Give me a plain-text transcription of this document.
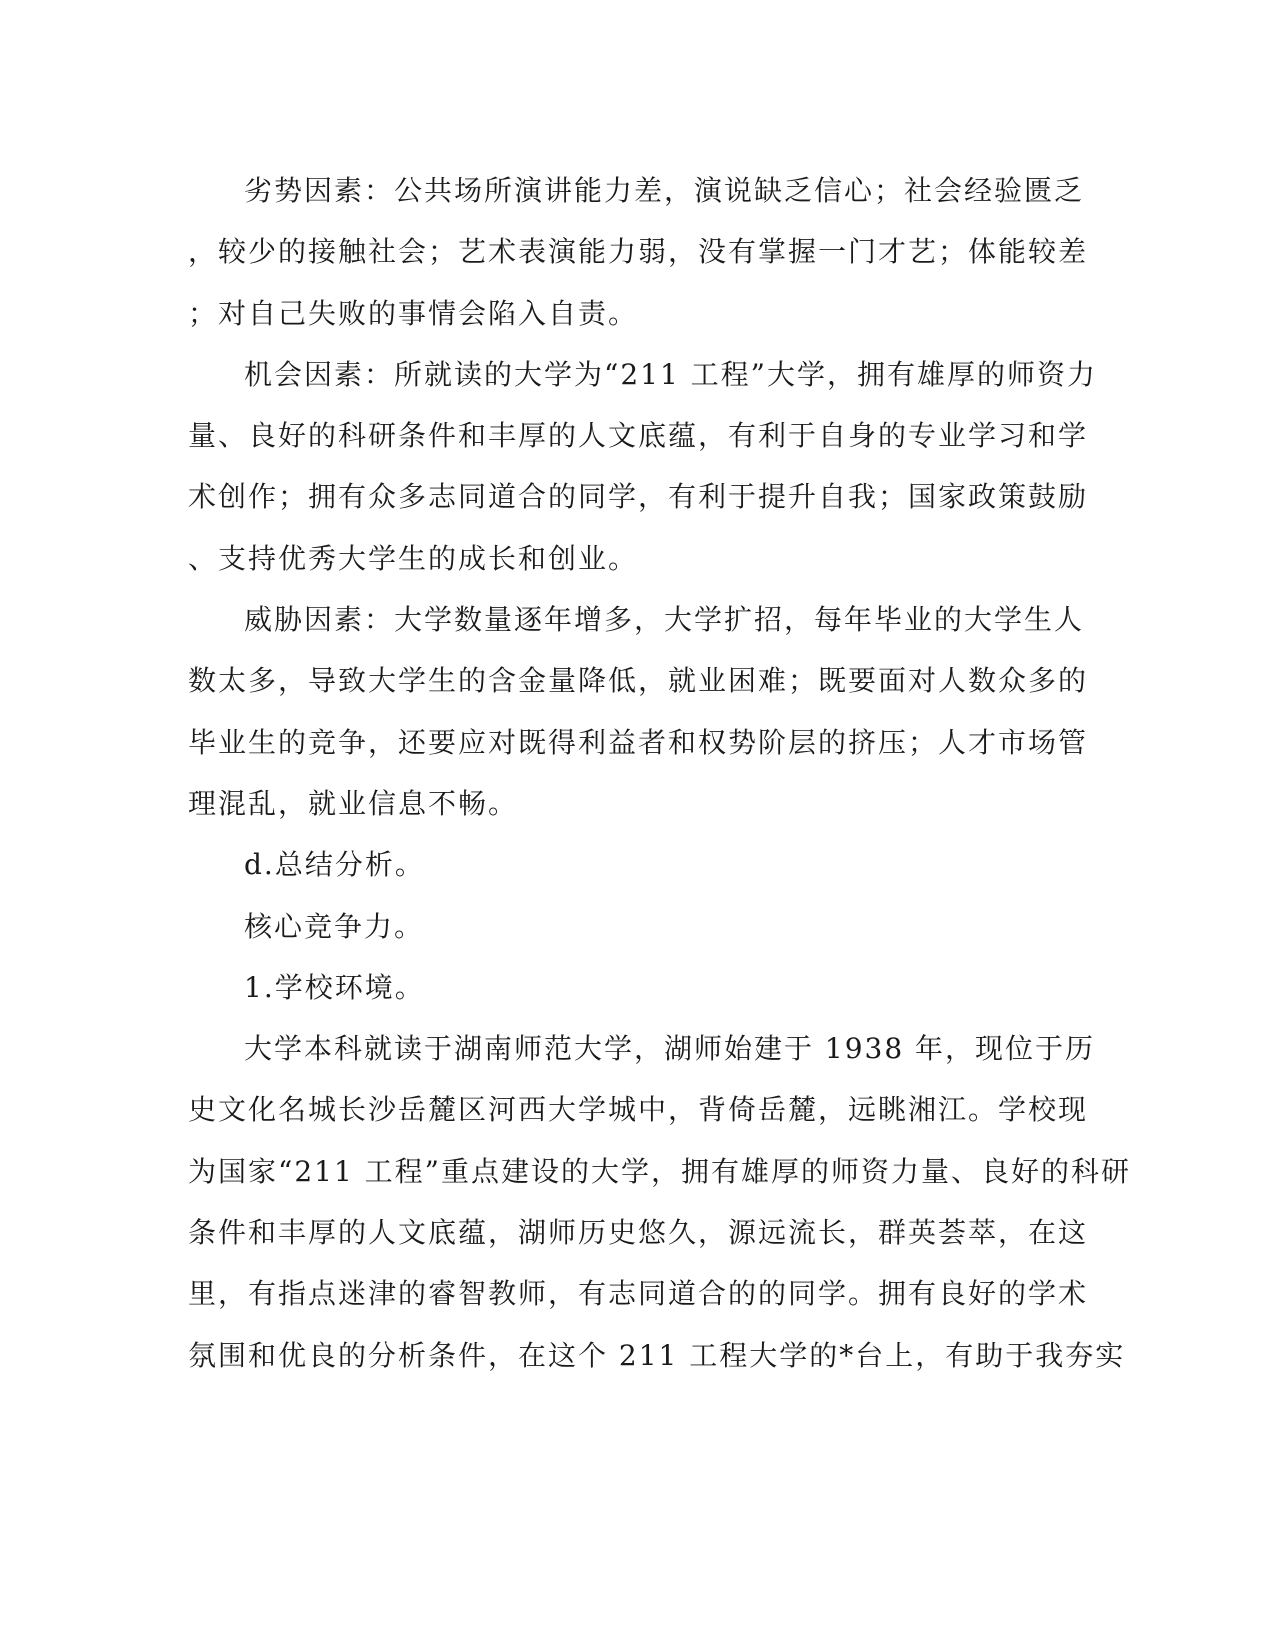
劣势因素：公共场所演讲能力差，演说缺乏信心；社会经验匮乏
，较少的接触社会；艺术表演能力弱，没有掌握一门才艺；体能较差
；对自己失败的事情会陷入自责。
机会因素：所就读的大学为“211 工程”大学，拥有雄厚的师资力
量、良好的科研条件和丰厚的人文底蕴，有利于自身的专业学习和学
术创作；拥有众多志同道合的同学，有利于提升自我；国家政策鼓励
、支持优秀大学生的成长和创业。
威胁因素：大学数量逐年增多，大学扩招，每年毕业的大学生人
数太多，导致大学生的含金量降低，就业困难；既要面对人数众多的
毕业生的竞争，还要应对既得利益者和权势阶层的挤压；人才市场管
理混乱，就业信息不畅。
d.总结分析。
核心竞争力。
1.学校环境。
大学本科就读于湖南师范大学，湖师始建于 1938 年，现位于历
史文化名城长沙岳麓区河西大学城中，背倚岳麓，远眺湘江。学校现
为国家“211 工程”重点建设的大学，拥有雄厚的师资力量、良好的科研
条件和丰厚的人文底蕴，湖师历史悠久，源远流长，群英荟萃，在这
里，有指点迷津的睿智教师，有志同道合的的同学。拥有良好的学术
氛围和优良的分析条件，在这个 211 工程大学的*台上，有助于我夯实
